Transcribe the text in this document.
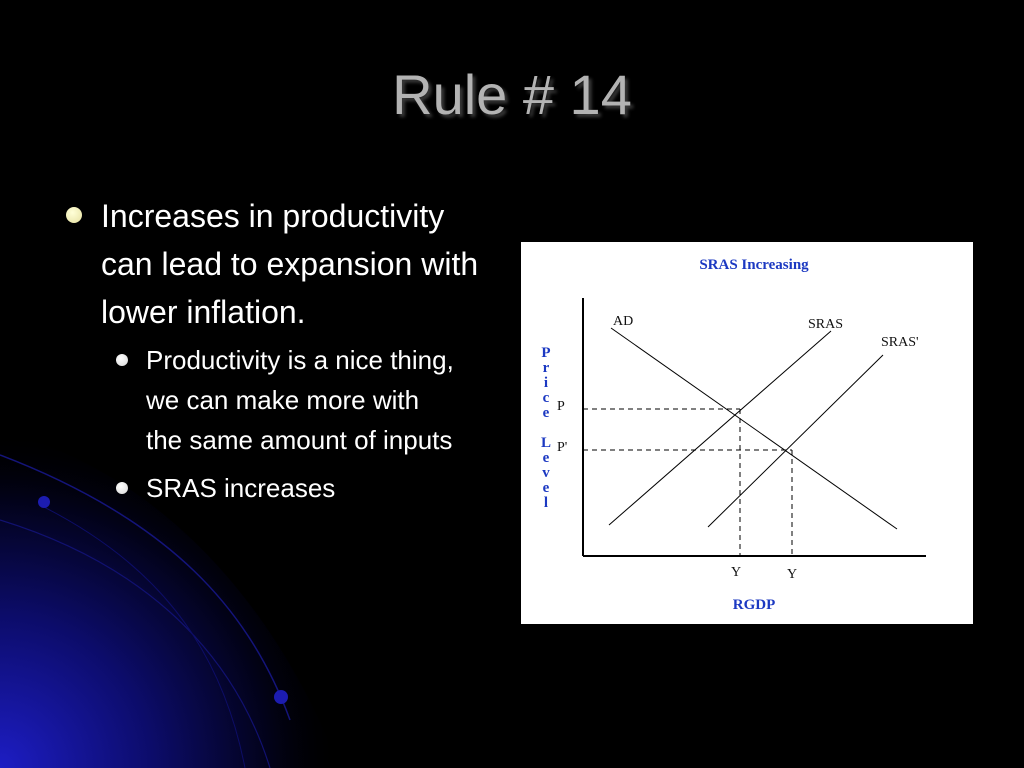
Rule # 14
Increases in productivity can lead to expansion with lower inflation.
Productivity is a nice thing, we can make more with the same amount of inputs
SRAS increases
SRAS Increasing
AD	SRAS
SRAS'
P
P'
Y	Y
RGDP
P
r
i
c
e
L
e
v
e
l
